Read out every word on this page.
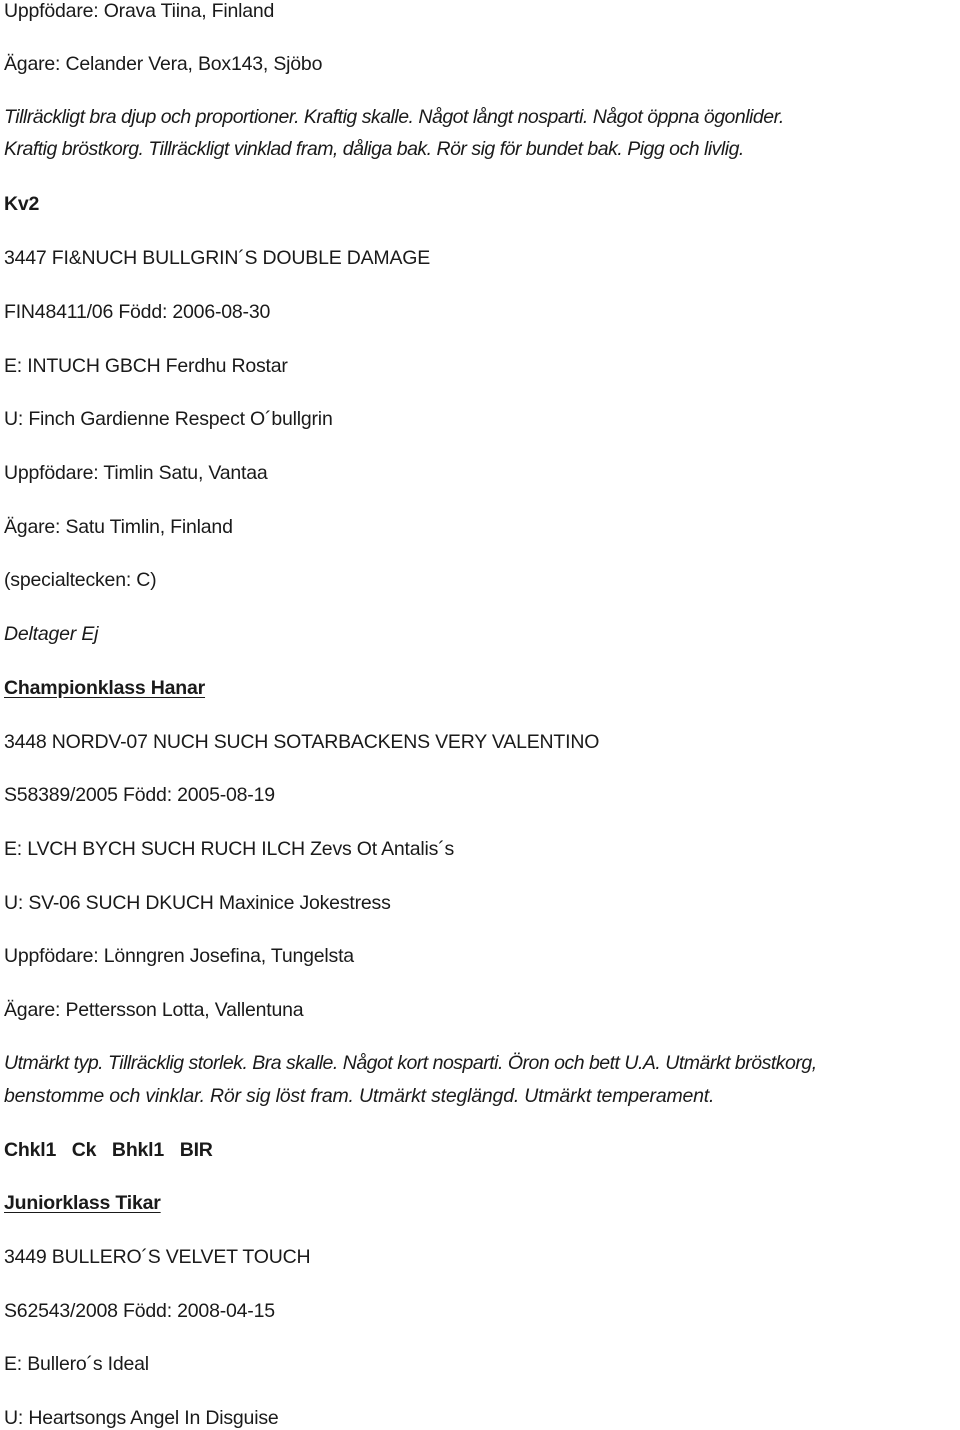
Uppfödare: Orava Tiina, Finland
Ägare: Celander Vera, Box143, Sjöbo
Tillräckligt bra djup och proportioner. Kraftig skalle. Något långt nosparti. Något öppna ögonlider.
Kraftig bröstkorg. Tillräckligt vinklad fram, dåliga bak. Rör sig för bundet bak. Pigg och livlig.
Kv2
3447 FI&NUCH BULLGRIN´S DOUBLE DAMAGE
FIN48411/06 Född: 2006-08-30
E: INTUCH GBCH Ferdhu Rostar
U: Finch Gardienne Respect O´bullgrin
Uppfödare: Timlin Satu, Vantaa
Ägare: Satu Timlin, Finland
(specialtecken: C)
Deltager Ej
Championklass Hanar
3448 NORDV-07 NUCH SUCH SOTARBACKENS VERY VALENTINO
S58389/2005 Född: 2005-08-19
E: LVCH BYCH SUCH RUCH ILCH Zevs Ot Antalis´s
U: SV-06 SUCH DKUCH Maxinice Jokestress
Uppfödare: Lönngren Josefina, Tungelsta
Ägare: Pettersson Lotta, Vallentuna
Utmärkt typ. Tillräcklig storlek. Bra skalle. Något kort nosparti. Öron och bett U.A. Utmärkt bröstkorg,
benstomme och vinklar. Rör sig löst fram. Utmärkt steglängd. Utmärkt temperament.
Chkl1   Ck   Bhkl1   BIR
Juniorklass Tikar
3449 BULLERO´S VELVET TOUCH
S62543/2008 Född: 2008-04-15
E: Bullero´s Ideal
U: Heartsongs Angel In Disguise
